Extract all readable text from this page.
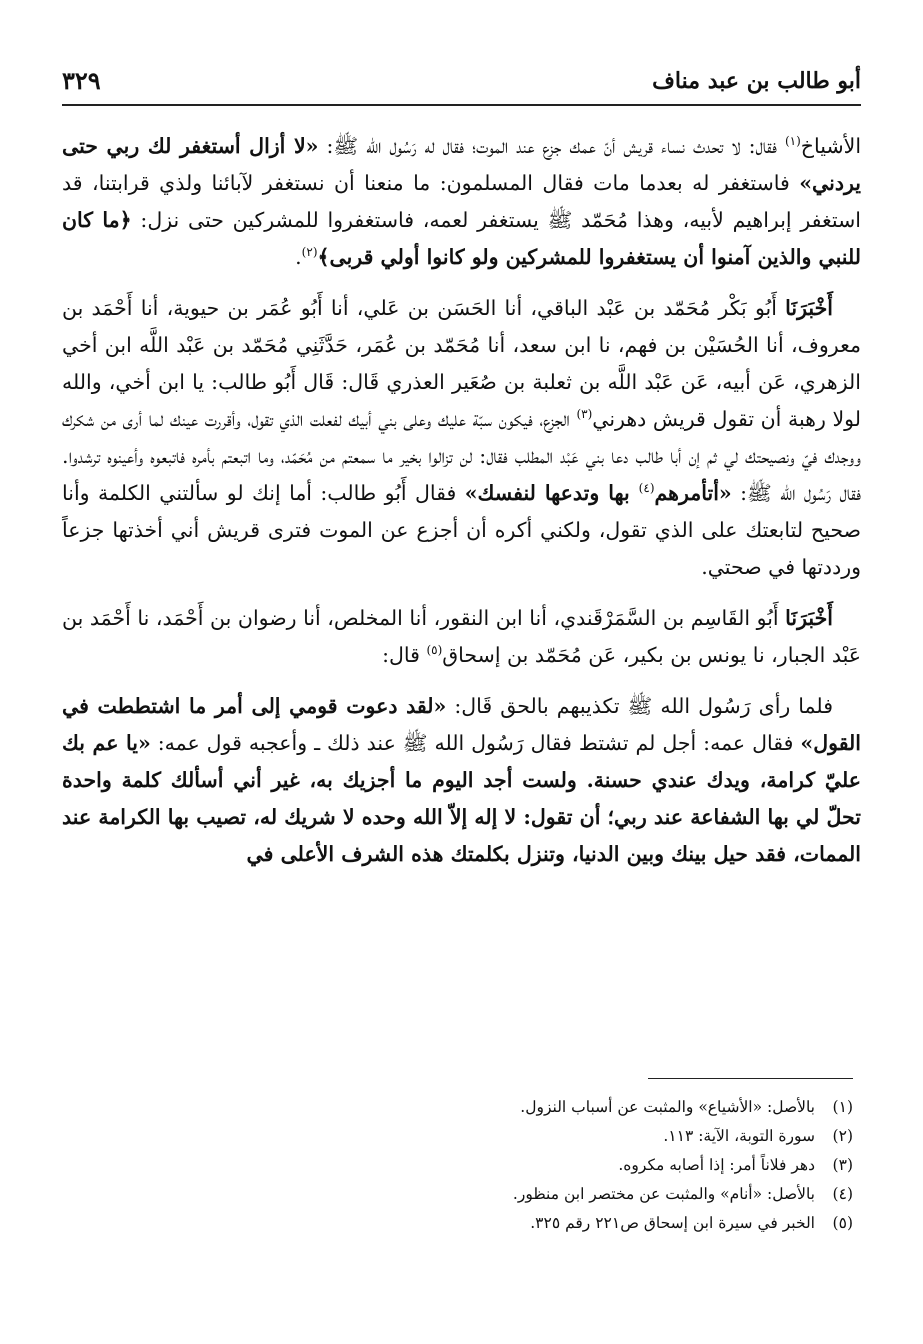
أبو طالب بن عبد مناف
٣٢٩

الأشياخ$^{(١)}$ فقال: لا تحدث نساء قريش أنّ عمك جزع عند الموت؛ فقال له رَسُول الله ﷺ: «لا أزال أستغفر لك ربي حتى يردني» فاستغفر له بعدما مات فقال المسلمون: ما منعنا أن نستغفر لآبائنا ولذي قرابتنا، قد استغفر إبراهيم لأبيه، وهذا مُحَمّد ﷺ يستغفر لعمه، فاستغفروا للمشركين حتى نزل: ﴿ما كان للنبي والذين آمنوا أن يستغفروا للمشركين ولو كانوا أولي قربى﴾$^{(٢)}$.

أَخْبَرَنَا أَبُو بَكْر مُحَمّد بن عَبْد الباقي، أنا الحَسَن بن عَلي، أنا أَبُو عُمَر بن حيوية، أنا أَحْمَد بن معروف، أنا الحُسَيْن بن فهم، نا ابن سعد، أنا مُحَمّد بن عُمَر، حَدَّثَنِي مُحَمّد بن عَبْد اللَّه ابن أخي الزهري، عَن أبيه، عَن عَبْد اللَّه بن ثعلبة بن صُعَير العذري قَال: قَال أَبُو طالب: يا ابن أخي، والله لولا رهبة أن تقول قريش دهرني$^{(٣)}$ الجزع، فيكون سبّة عليك وعلى بني أبيك لفعلت الذي تقول، وأقررت عينك لما أرى من شكرك ووجدك فيّ ونصيحتك لي ثم إن أبا طالب دعا بني عَبْد المطلب فقال: لن تزالوا بخير ما سمعتم من مُحَمّد، وما اتبعتم بأمره فاتبعوه وأعينوه ترشدوا. فقال رَسُول الله ﷺ: «أتأمرهم$^{(٤)}$ بها وتدعها لنفسك» فقال أَبُو طالب: أما إنك لو سألتني الكلمة وأنا صحيح لتابعتك على الذي تقول، ولكني أكره أن أجزع عن الموت فترى قريش أني أخذتها جزعاً ورددتها في صحتي.

أَخْبَرَنَا أَبُو القَاسِم بن السَّمَرْقَندي، أنا ابن النقور، أنا المخلص، أنا رضوان بن أَحْمَد، نا أَحْمَد بن عَبْد الجبار، نا يونس بن بكير، عَن مُحَمّد بن إسحاق$^{(٥)}$ قال:

فلما رأى رَسُول الله ﷺ تكذيبهم بالحق قَال: «لقد دعوت قومي إلى أمر ما اشتططت في القول» فقال عمه: أجل لم تشتط فقال رَسُول الله ﷺ عند ذلك ـ وأعجبه قول عمه: «يا عم بك عليّ كرامة، ويدك عندي حسنة. ولست أجد اليوم ما أجزيك به، غير أني أسألك كلمة واحدة تحلّ لي بها الشفاعة عند ربي؛ أن تقول: لا إله إلاّ الله وحده لا شريك له، تصيب بها الكرامة عند الممات، فقد حيل بينك وبين الدنيا، وتنزل بكلمتك هذه الشرف الأعلى في

(١)
بالأصل: «الأشياع» والمثبت عن أسباب النزول.
(٢)
سورة التوبة، الآية: ١١٣.
(٣)
دهر فلاناً أمر: إذا أصابه مكروه.
(٤)
بالأصل: «أنام» والمثبت عن مختصر ابن منظور.
(٥)
الخبر في سيرة ابن إسحاق ص٢٢١ رقم ٣٢٥.
